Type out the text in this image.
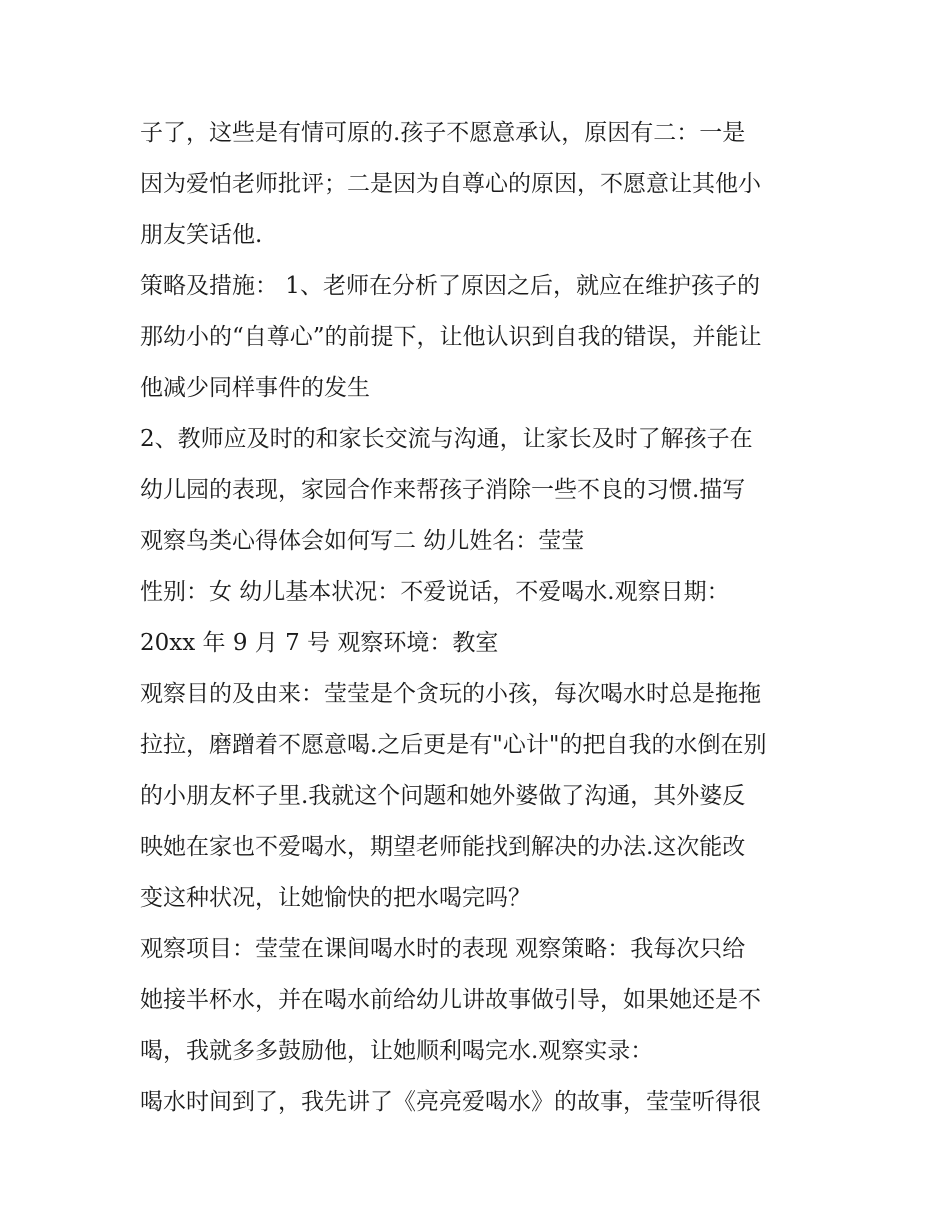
子了，这些是有情可原的.孩子不愿意承认，原因有二：一是
因为爱怕老师批评；二是因为自尊心的原因，不愿意让其他小
朋友笑话他.
策略及措施： 1、老师在分析了原因之后，就应在维护孩子的
那幼小的“自尊心”的前提下，让他认识到自我的错误，并能让
他减少同样事件的发生
2、教师应及时的和家长交流与沟通，让家长及时了解孩子在
幼儿园的表现，家园合作来帮孩子消除一些不良的习惯.描写
观察鸟类心得体会如何写二 幼儿姓名：莹莹
性别：女 幼儿基本状况：不爱说话，不爱喝水.观察日期：
20xx 年 9 月 7 号 观察环境：教室
观察目的及由来：莹莹是个贪玩的小孩，每次喝水时总是拖拖
拉拉，磨蹭着不愿意喝.之后更是有"心计"的把自我的水倒在别
的小朋友杯子里.我就这个问题和她外婆做了沟通，其外婆反
映她在家也不爱喝水，期望老师能找到解决的办法.这次能改
变这种状况，让她愉快的把水喝完吗？
观察项目：莹莹在课间喝水时的表现 观察策略：我每次只给
她接半杯水，并在喝水前给幼儿讲故事做引导，如果她还是不
喝，我就多多鼓励他，让她顺利喝完水.观察实录：
喝水时间到了，我先讲了《亮亮爱喝水》的故事，莹莹听得很
